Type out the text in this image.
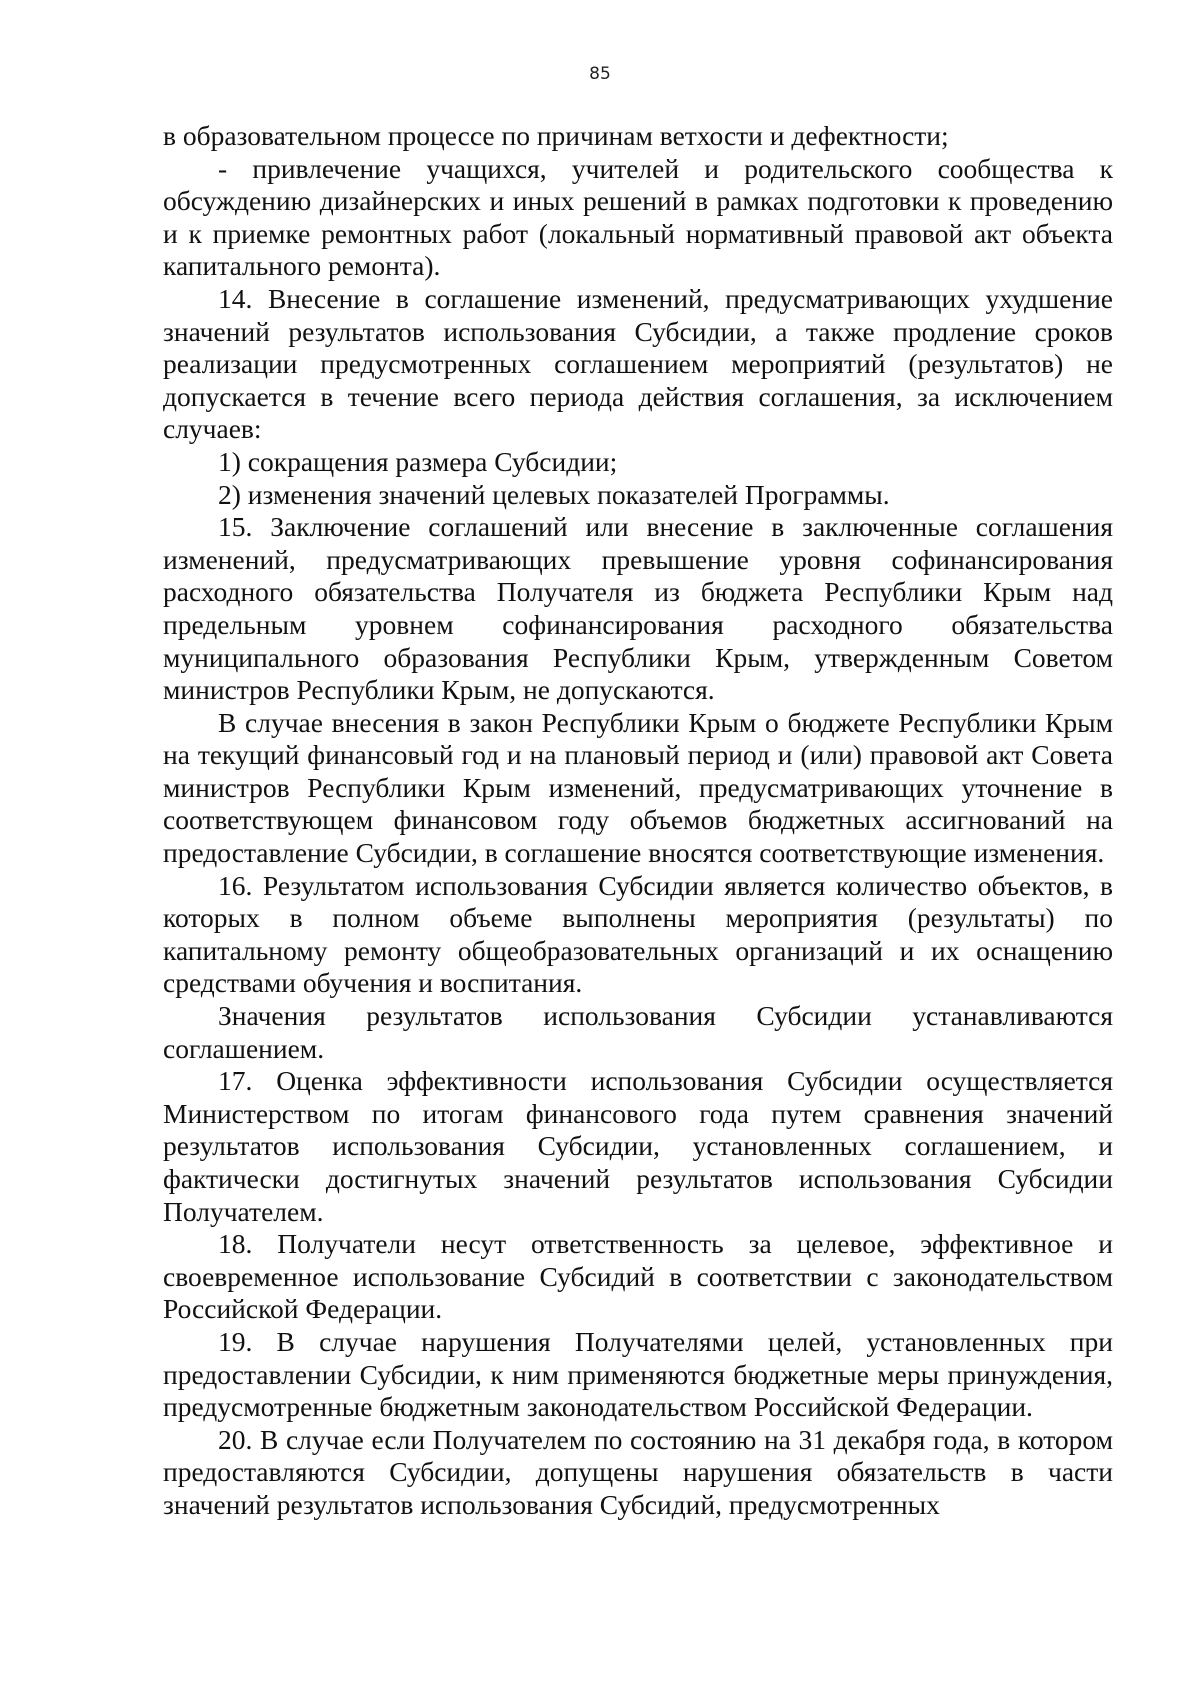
85

в образовательном процессе по причинам ветхости и дефектности;

- привлечение учащихся, учителей и родительского сообщества к обсуждению дизайнерских и иных решений в рамках подготовки к проведению и к приемке ремонтных работ (локальный нормативный правовой акт объекта капитального ремонта).

14. Внесение в соглашение изменений, предусматривающих ухудшение значений результатов использования Субсидии, а также продление сроков реализации предусмотренных соглашением мероприятий (результатов) не допускается в течение всего периода действия соглашения, за исключением случаев:

1) сокращения размера Субсидии;

2) изменения значений целевых показателей Программы.

15. Заключение соглашений или внесение в заключенные соглашения изменений, предусматривающих превышение уровня софинансирования расходного обязательства Получателя из бюджета Республики Крым над предельным уровнем софинансирования расходного обязательства муниципального образования Республики Крым, утвержденным Советом министров Республики Крым, не допускаются.

В случае внесения в закон Республики Крым о бюджете Республики Крым на текущий финансовый год и на плановый период и (или) правовой акт Совета министров Республики Крым изменений, предусматривающих уточнение в соответствующем финансовом году объемов бюджетных ассигнований на предоставление Субсидии, в соглашение вносятся соответствующие изменения.

16. Результатом использования Субсидии является количество объектов, в которых в полном объеме выполнены мероприятия (результаты) по капитальному ремонту общеобразовательных организаций и их оснащению средствами обучения и воспитания.

Значения результатов использования Субсидии устанавливаются соглашением.

17. Оценка эффективности использования Субсидии осуществляется Министерством по итогам финансового года путем сравнения значений результатов использования Субсидии, установленных соглашением, и фактически достигнутых значений результатов использования Субсидии Получателем.

18. Получатели несут ответственность за целевое, эффективное и своевременное использование Субсидий в соответствии с законодательством Российской Федерации.

19. В случае нарушения Получателями целей, установленных при предоставлении Субсидии, к ним применяются бюджетные меры принуждения, предусмотренные бюджетным законодательством Российской Федерации.

20. В случае если Получателем по состоянию на 31 декабря года, в котором предоставляются Субсидии, допущены нарушения обязательств в части значений результатов использования Субсидий, предусмотренных
